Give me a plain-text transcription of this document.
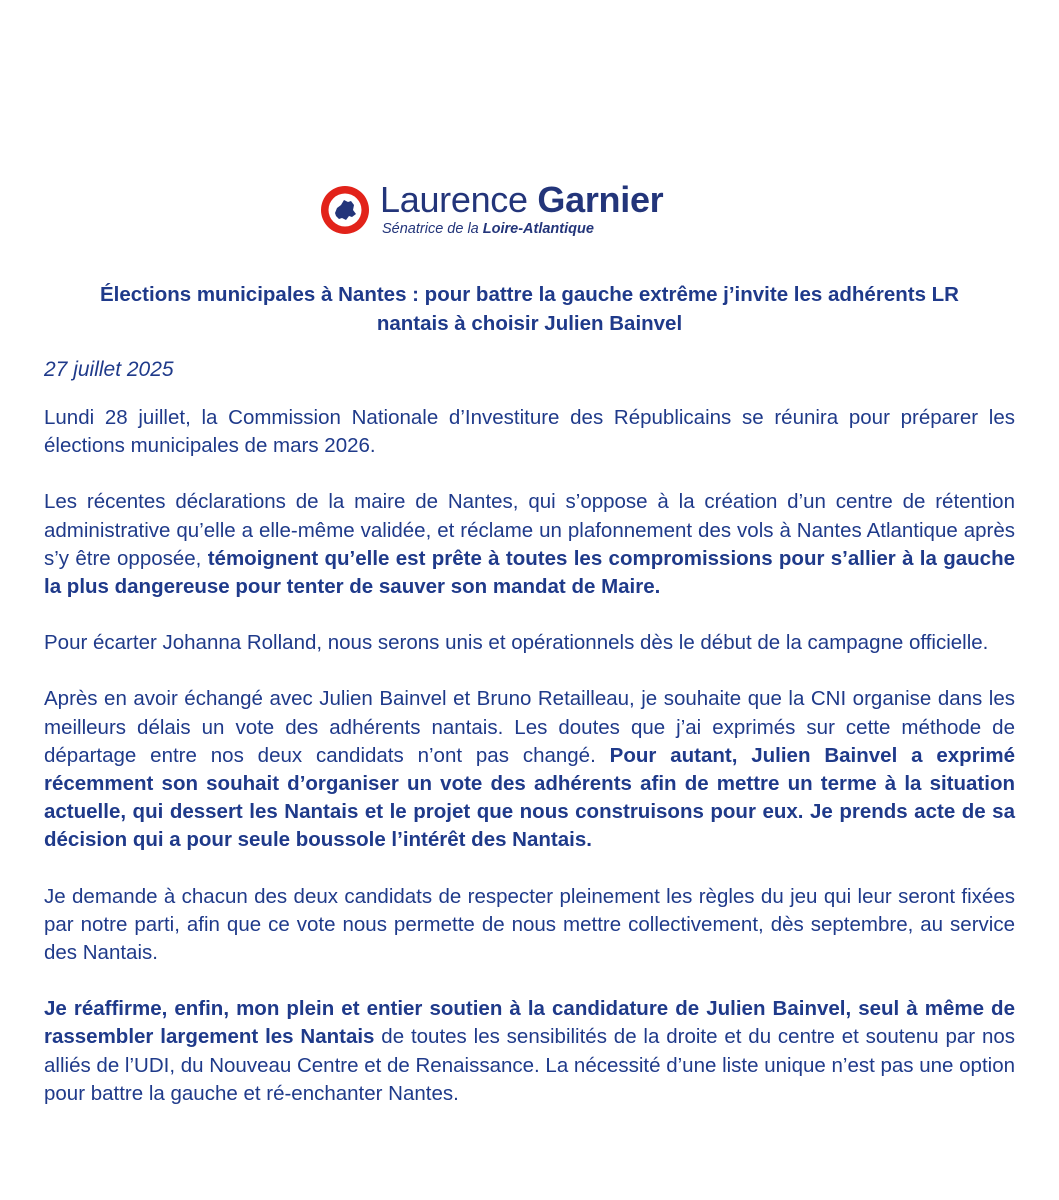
Laurence Garnier
Sénatrice de la Loire-Atlantique
Élections municipales à Nantes : pour battre la gauche extrême j’invite les adhérents LR
nantais à choisir Julien Bainvel
27 juillet 2025

Lundi 28 juillet, la Commission Nationale d’Investiture des Républicains se réunira pour préparer les élections municipales de mars 2026.

Les récentes déclarations de la maire de Nantes, qui s’oppose à la création d’un centre de rétention administrative qu’elle a elle-même validée, et réclame un plafonnement des vols à Nantes Atlantique après s’y être opposée, témoignent qu’elle est prête à toutes les compromissions pour s’allier à la gauche la plus dangereuse pour tenter de sauver son mandat de Maire.

Pour écarter Johanna Rolland, nous serons unis et opérationnels dès le début de la campagne officielle.

Après en avoir échangé avec Julien Bainvel et Bruno Retailleau, je souhaite que la CNI organise dans les meilleurs délais un vote des adhérents nantais. Les doutes que j’ai exprimés sur cette méthode de départage entre nos deux candidats n’ont pas changé. Pour autant, Julien Bainvel a exprimé récemment son souhait d’organiser un vote des adhérents afin de mettre un terme à la situation actuelle, qui dessert les Nantais et le projet que nous construisons pour eux. Je prends acte de sa décision qui a pour seule boussole l’intérêt des Nantais.

Je demande à chacun des deux candidats de respecter pleinement les règles du jeu qui leur seront fixées par notre parti, afin que ce vote nous permette de nous mettre collectivement, dès septembre, au service des Nantais.

Je réaffirme, enfin, mon plein et entier soutien à la candidature de Julien Bainvel, seul à même de rassembler largement les Nantais de toutes les sensibilités de la droite et du centre et soutenu par nos alliés de l’UDI, du Nouveau Centre et de Renaissance. La nécessité d’une liste unique n’est pas une option pour battre la gauche et ré-enchanter Nantes.
